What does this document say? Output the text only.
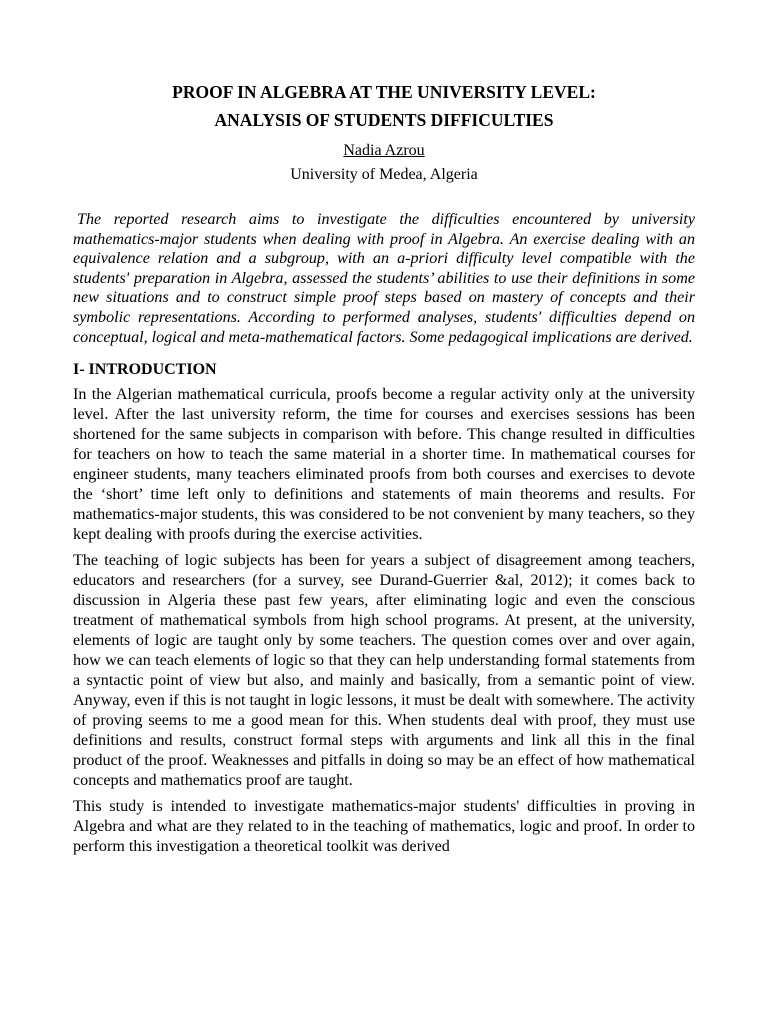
PROOF IN ALGEBRA AT THE UNIVERSITY LEVEL:
ANALYSIS OF STUDENTS DIFFICULTIES

Nadia Azrou

University of Medea, Algeria

The reported research aims to investigate the difficulties encountered by university mathematics-major students when dealing with proof in Algebra. An exercise dealing with an equivalence relation and a subgroup, with an a-priori difficulty level compatible with the students' preparation in Algebra, assessed the students’ abilities to use their definitions in some new situations and to construct simple proof steps based on mastery of concepts and their symbolic representations. According to performed analyses, students' difficulties depend on conceptual, logical and meta-mathematical factors. Some pedagogical implications are derived.

I- INTRODUCTION

In the Algerian mathematical curricula, proofs become a regular activity only at the university level. After the last university reform, the time for courses and exercises sessions has been shortened for the same subjects in comparison with before. This change resulted in difficulties for teachers on how to teach the same material in a shorter time. In mathematical courses for engineer students, many teachers eliminated proofs from both courses and exercises to devote the ‘short’ time left only to definitions and statements of main theorems and results. For mathematics-major students, this was considered to be not convenient by many teachers, so they kept dealing with proofs during the exercise activities.

The teaching of logic subjects has been for years a subject of disagreement among teachers, educators and researchers (for a survey, see Durand-Guerrier &al, 2012); it comes back to discussion in Algeria these past few years, after eliminating logic and even the conscious treatment of mathematical symbols from high school programs. At present, at the university, elements of logic are taught only by some teachers. The question comes over and over again, how we can teach elements of logic so that they can help understanding formal statements from a syntactic point of view but also, and mainly and basically, from a semantic point of view. Anyway, even if this is not taught in logic lessons, it must be dealt with somewhere. The activity of proving seems to me a good mean for this. When students deal with proof, they must use definitions and results, construct formal steps with arguments and link all this in the final product of the proof. Weaknesses and pitfalls in doing so may be an effect of how mathematical concepts and mathematics proof are taught.

This study is intended to investigate mathematics-major students' difficulties in proving in Algebra and what are they related to in the teaching of mathematics, logic and proof. In order to perform this investigation a theoretical toolkit was derived
